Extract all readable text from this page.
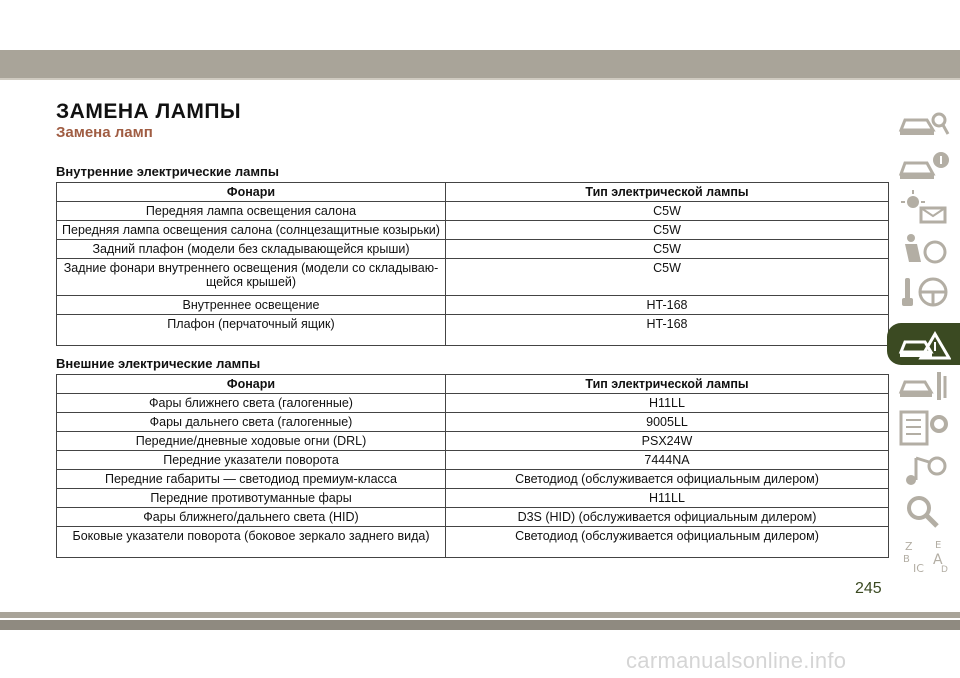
ЗАМЕНА ЛАМПЫ
Замена ламп
Внутренние электрические лампы
Фонари	Тип электрической лампы
Передняя лампа освещения салона	C5W
Передняя лампа освещения салона (солнцезащитные козырьки)	C5W
Задний плафон (модели без складывающейся крыши)	C5W
Задние фонари внутреннего освещения (модели со складываю-
щейся крышей)	C5W
Внутреннее освещение	HT-168
Плафон (перчаточный ящик)	HT-168
Внешние электрические лампы
Фонари	Тип электрической лампы
Фары ближнего света (галогенные)	H11LL
Фары дальнего света (галогенные)	9005LL
Передние/дневные ходовые огни (DRL)	PSX24W
Передние указатели поворота	7444NA
Передние габариты — светодиод премиум-класса	Светодиод (обслуживается официальным дилером)
Передние противотуманные фары	H11LL
Фары ближнего/дальнего света (HID)	D3S (HID) (обслуживается официальным дилером)
Боковые указатели поворота (боковое зеркало заднего вида)	Светодиод (обслуживается официальным дилером)
Z E
B A
IC D
245
carmanualsonline.info
